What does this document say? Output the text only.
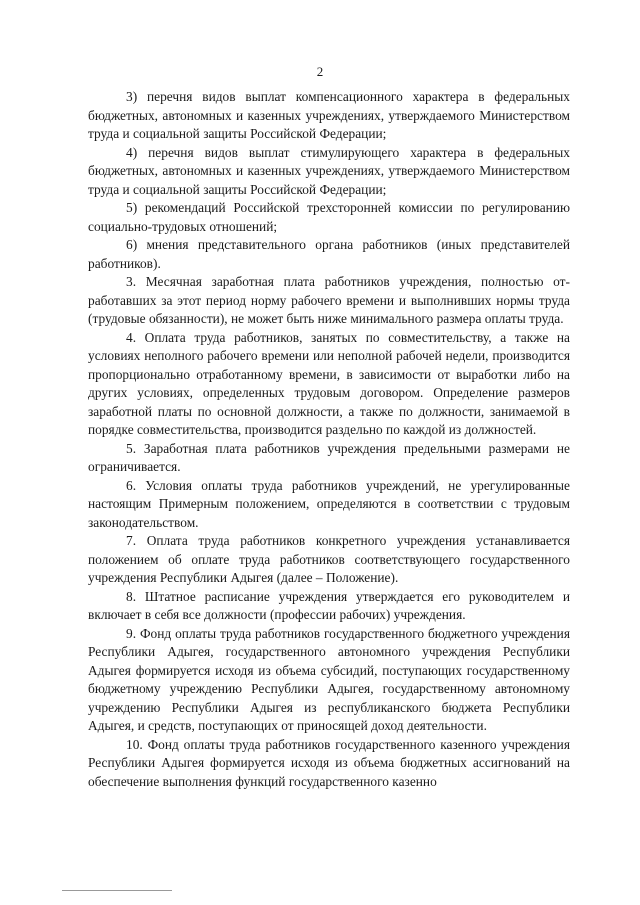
2

3) перечня видов выплат компенсационного характера в федеральных бюджетных, автономных и казенных учреждениях, утверждаемого Министерством труда и социальной защиты Российской Федерации;

4) перечня видов выплат стимулирующего характера в федеральных бюджетных, автономных и казенных учреждениях, утверждаемого Министерством труда и социальной защиты Российской Федерации;

5) рекомендаций Российской трехсторонней комиссии по регулированию социально-трудовых отношений;

6) мнения представительного органа работников (иных представителей работников).

3. Месячная заработная плата работников учреждения, полностью отработавших за этот период норму рабочего времени и выполнивших нормы труда (трудовые обязанности), не может быть ниже минимального размера оплаты труда.

4. Оплата труда работников, занятых по совместительству, а также на условиях неполного рабочего времени или неполной рабочей недели, производится пропорционально отработанному времени, в зависимости от выработки либо на других условиях, определенных трудовым договором. Определение размеров заработной платы по основной должности, а также по должности, занимаемой в порядке совместительства, производится раздельно по каждой из должностей.

5. Заработная плата работников учреждения предельными размерами не ограничивается.

6. Условия оплаты труда работников учреждений, не урегулированные настоящим Примерным положением, определяются в соответствии с трудовым законодательством.

7. Оплата труда работников конкретного учреждения устанавливается положением об оплате труда работников соответствующего государственного учреждения Республики Адыгея (далее – Положение).

8. Штатное расписание учреждения утверждается его руководителем и включает в себя все должности (профессии рабочих) учреждения.

9. Фонд оплаты труда работников государственного бюджетного учреждения Республики Адыгея, государственного автономного учреждения Республики Адыгея формируется исходя из объема субсидий, поступающих государственному бюджетному учреждению Республики Адыгея, государственному автономному учреждению Республики Адыгея из республиканского бюджета Республики Адыгея, и средств, поступающих от приносящей доход деятельности.

10. Фонд оплаты труда работников государственного казенного учреждения Республики Адыгея формируется исходя из объема бюджетных ассигнований на обеспечение выполнения функций государственного казенно
